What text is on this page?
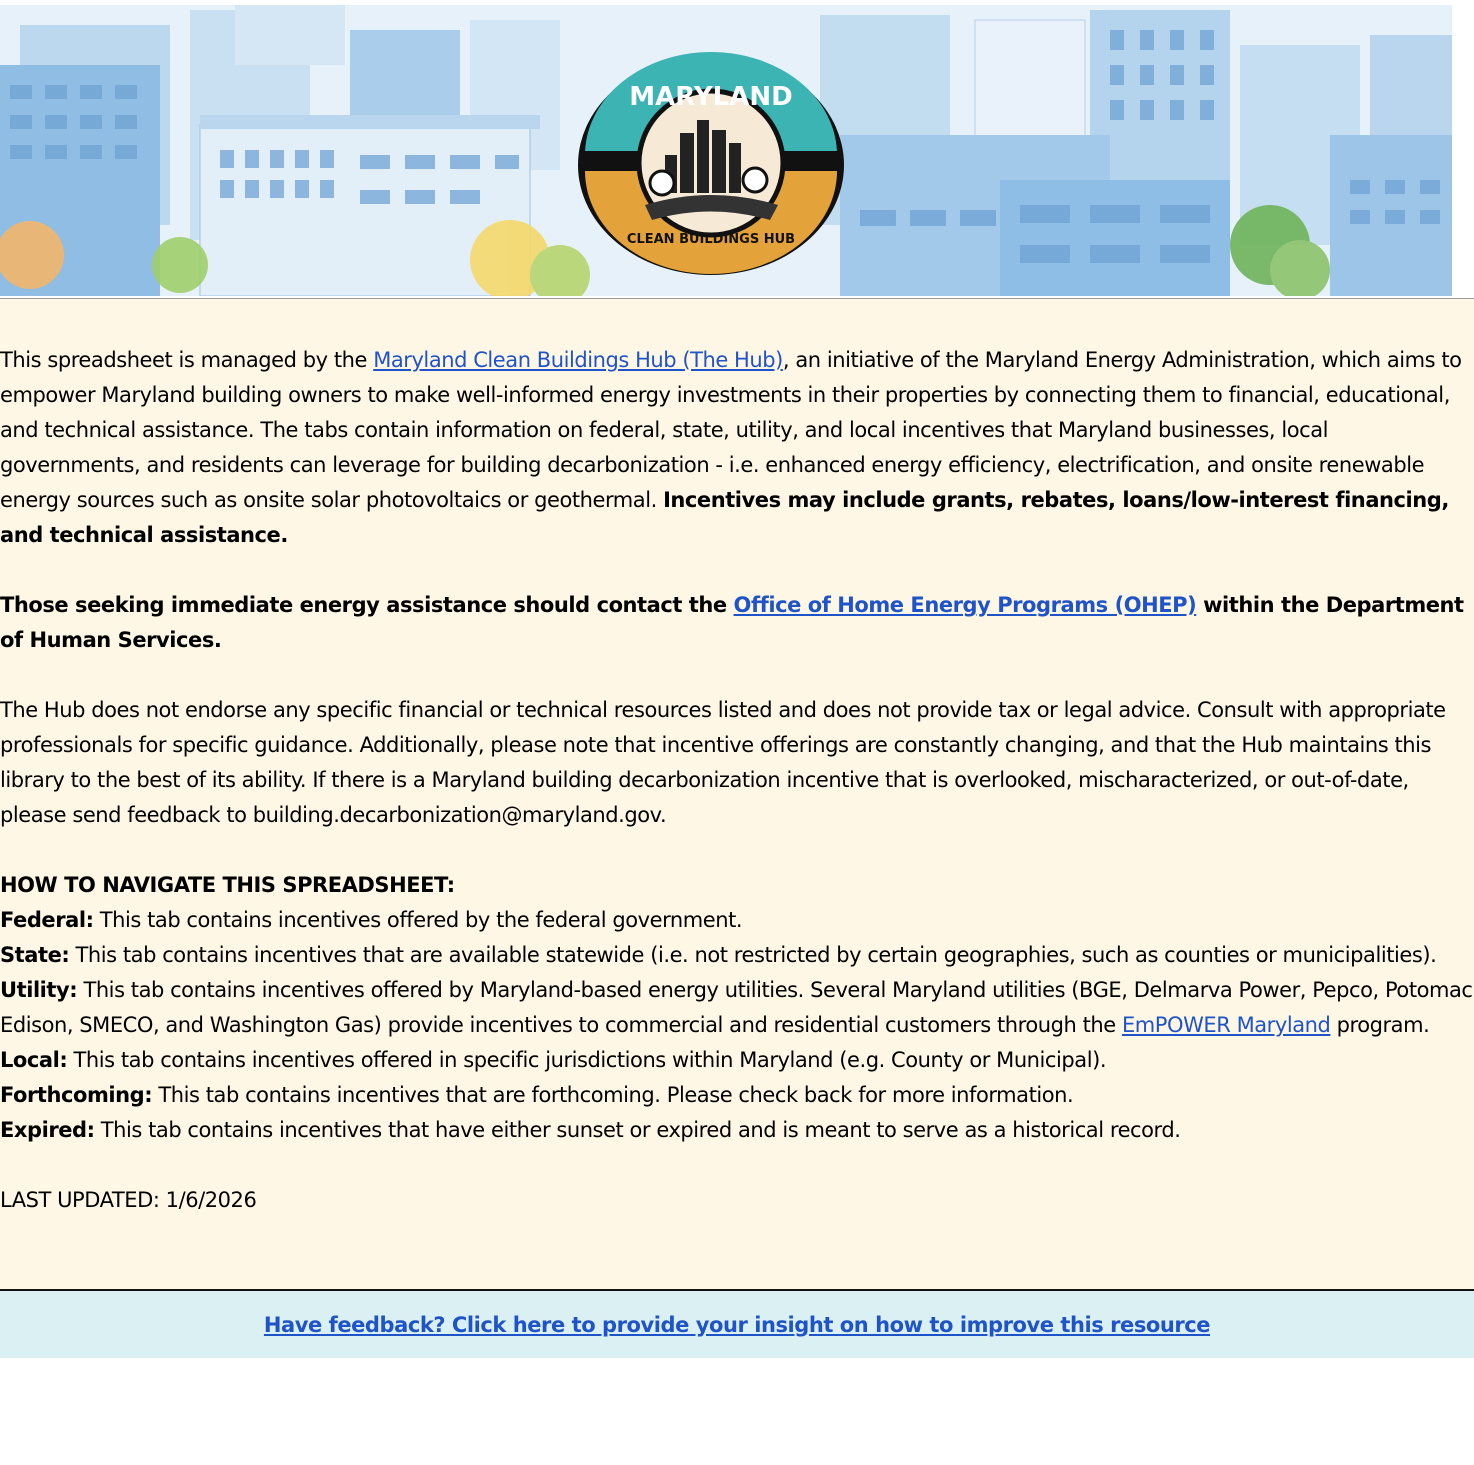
MARYLAND
CLEAN BUILDINGS HUB

This spreadsheet is managed by the Maryland Clean Buildings Hub (The Hub), an initiative of the Maryland Energy Administration, which aims to empower Maryland building owners to make well-informed energy investments in their properties by connecting them to financial, educational, and technical assistance. The tabs contain information on federal, state, utility, and local incentives that Maryland businesses, local governments, and residents can leverage for building decarbonization - i.e. enhanced energy efficiency, electrification, and onsite renewable energy sources such as onsite solar photovoltaics or geothermal. Incentives may include grants, rebates, loans/low-interest financing, and technical assistance.

Those seeking immediate energy assistance should contact the Office of Home Energy Programs (OHEP) within the Department of Human Services.

The Hub does not endorse any specific financial or technical resources listed and does not provide tax or legal advice. Consult with appropriate professionals for specific guidance. Additionally, please note that incentive offerings are constantly changing, and that the Hub maintains this library to the best of its ability. If there is a Maryland building decarbonization incentive that is overlooked, mischaracterized, or out-of-date, please send feedback to building.decarbonization@maryland.gov.

HOW TO NAVIGATE THIS SPREADSHEET:

Federal: This tab contains incentives offered by the federal government.

State: This tab contains incentives that are available statewide (i.e. not restricted by certain geographies, such as counties or municipalities).

Utility: This tab contains incentives offered by Maryland-based energy utilities. Several Maryland utilities (BGE, Delmarva Power, Pepco, Potomac Edison, SMECO, and Washington Gas) provide incentives to commercial and residential customers through the EmPOWER Maryland program.

Local: This tab contains incentives offered in specific jurisdictions within Maryland (e.g. County or Municipal).

Forthcoming: This tab contains incentives that are forthcoming. Please check back for more information.

Expired: This tab contains incentives that have either sunset or expired and is meant to serve as a historical record.

LAST UPDATED: 1/6/2026

Have feedback? Click here to provide your insight on how to improve this resource
